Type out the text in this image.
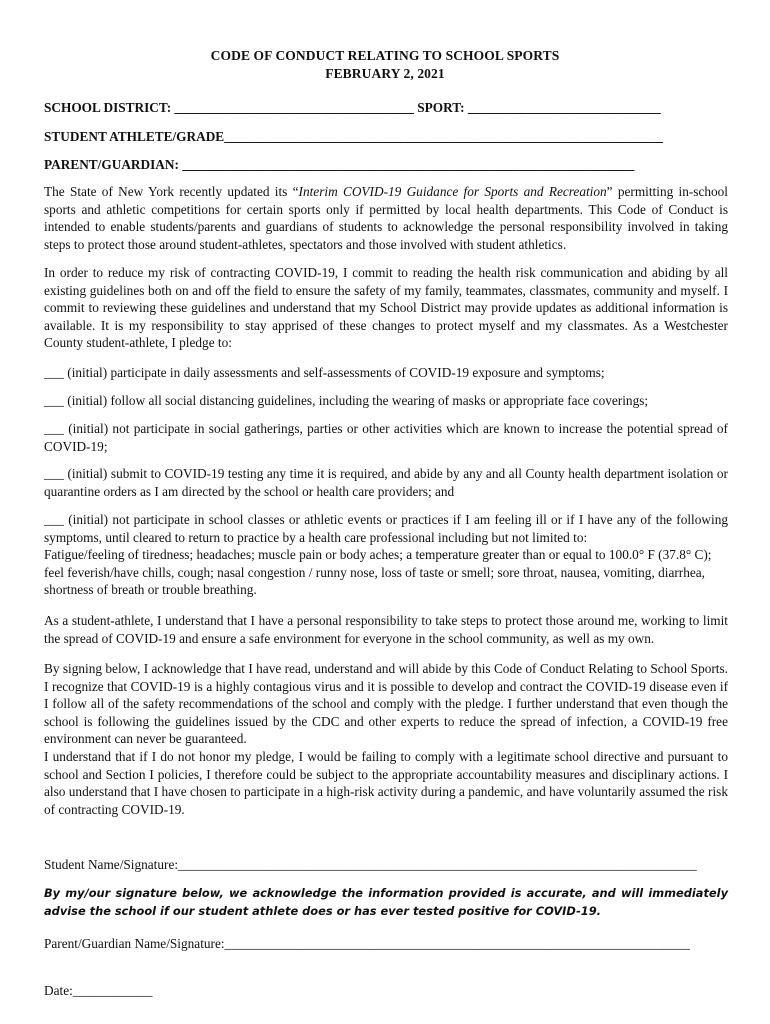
CODE OF CONDUCT RELATING TO SCHOOL SPORTS
FEBRUARY 2, 2021
SCHOOL DISTRICT: ____________________________________ SPORT: _____________________________
STUDENT ATHLETE/GRADE__________________________________________________________________
PARENT/GUARDIAN: ____________________________________________________________________

The State of New York recently updated its “Interim COVID-19 Guidance for Sports and Recreation” permitting in-school sports and athletic competitions for certain sports only if permitted by local health departments. This Code of Conduct is intended to enable students/parents and guardians of students to acknowledge the personal responsibility involved in taking steps to protect those around student-athletes, spectators and those involved with student athletics.

In order to reduce my risk of contracting COVID-19, I commit to reading the health risk communication and abiding by all existing guidelines both on and off the field to ensure the safety of my family, teammates, classmates, community and myself. I commit to reviewing these guidelines and understand that my School District may provide updates as additional information is available. It is my responsibility to stay apprised of these changes to protect myself and my classmates. As a Westchester County student-athlete, I pledge to:

___ (initial) participate in daily assessments and self-assessments of COVID-19 exposure and symptoms;

___ (initial) follow all social distancing guidelines, including the wearing of masks or appropriate face coverings;

___ (initial) not participate in social gatherings, parties or other activities which are known to increase the potential spread of COVID-19;

___ (initial) submit to COVID-19 testing any time it is required, and abide by any and all County health department isolation or quarantine orders as I am directed by the school or health care providers; and

___ (initial) not participate in school classes or athletic events or practices if I am feeling ill or if I have any of the following symptoms, until cleared to return to practice by a health care professional including but not limited to:

Fatigue/feeling of tiredness; headaches; muscle pain or body aches; a temperature greater than or equal to 100.0° F (37.8° C); feel feverish/have chills, cough; nasal congestion / runny nose, loss of taste or smell; sore throat, nausea, vomiting, diarrhea, shortness of breath or trouble breathing.

As a student-athlete, I understand that I have a personal responsibility to take steps to protect those around me, working to limit the spread of COVID-19 and ensure a safe environment for everyone in the school community, as well as my own.

By signing below, I acknowledge that I have read, understand and will abide by this Code of Conduct Relating to School Sports. I recognize that COVID-19 is a highly contagious virus and it is possible to develop and contract the COVID-19 disease even if I follow all of the safety recommendations of the school and comply with the pledge. I further understand that even though the school is following the guidelines issued by the CDC and other experts to reduce the spread of infection, a COVID-19 free environment can never be guaranteed.

I understand that if I do not honor my pledge, I would be failing to comply with a legitimate school directive and pursuant to school and Section I policies, I therefore could be subject to the appropriate accountability measures and disciplinary actions. I also understand that I have chosen to participate in a high-risk activity during a pandemic, and have voluntarily assumed the risk of contracting COVID-19.

Student Name/Signature:______________________________________________________________________________
By my/our signature below, we acknowledge the information provided is accurate, and will immediately advise the school if our student athlete does or has ever tested positive for COVID-19.
Parent/Guardian Name/Signature:______________________________________________________________________
Date:____________
